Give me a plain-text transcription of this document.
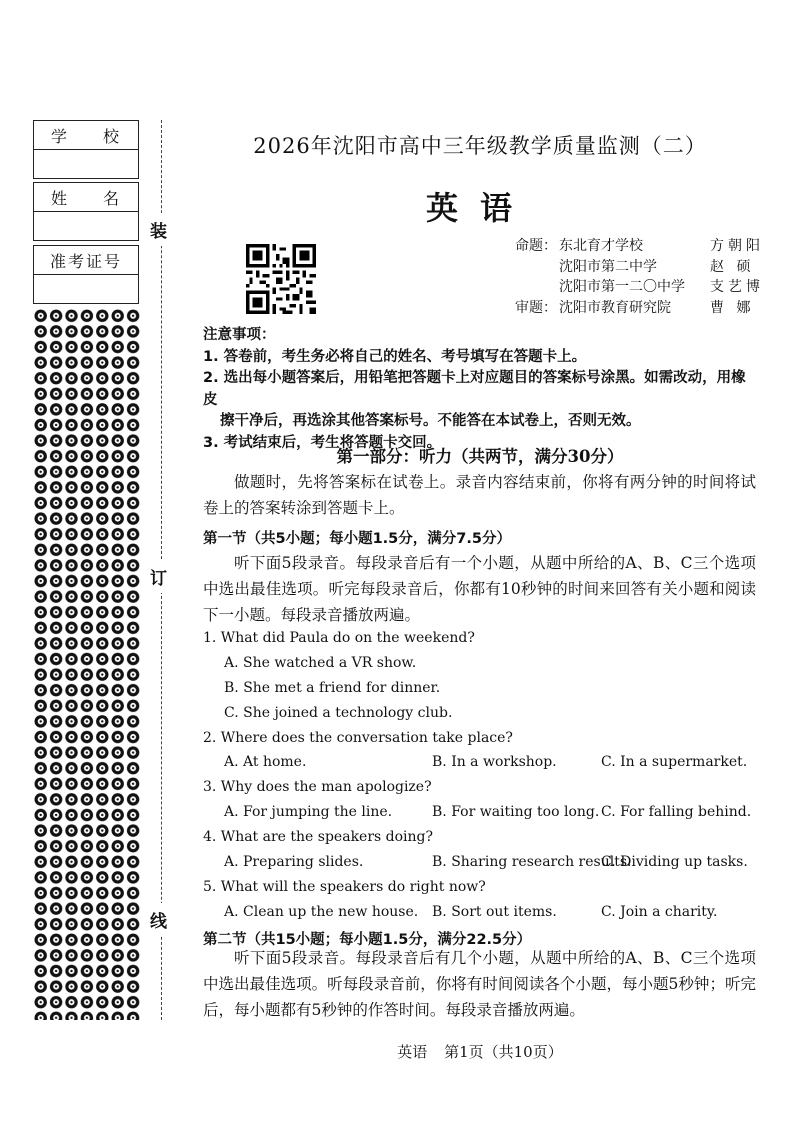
学 校
姓 名
准考证号
装
订
线
2026年沈阳市高中三年级教学质量监测（二）
英语
命题： 东北育才学校	方朝阳
沈阳市第二中学	赵 硕
沈阳市第一二〇中学 支艺博
审题： 沈阳市教育研究院	曹 娜
注意事项：
1. 答卷前，考生务必将自己的姓名、考号填写在答题卡上。
2. 选出每小题答案后，用铅笔把答题卡上对应题目的答案标号涂黑。如需改动，用橡皮
擦干净后，再选涂其他答案标号。不能答在本试卷上，否则无效。
3. 考试结束后，考生将答题卡交回。
第一部分：听力（共两节，满分30分）
做题时，先将答案标在试卷上。录音内容结束前，你将有两分钟的时间将试卷上的答案转涂到答题卡上。
第一节（共5小题；每小题1.5分，满分7.5分）
听下面5段录音。每段录音后有一个小题，从题中所给的A、B、C三个选项中选出最佳选项。听完每段录音后，你都有10秒钟的时间来回答有关小题和阅读下一小题。每段录音播放两遍。
1. What did Paula do on the weekend?
A. She watched a VR show.
B. She met a friend for dinner.
C. She joined a technology club.
2. Where does the conversation take place?
A. At home.	B. In a workshop.	C. In a supermarket.
3. Why does the man apologize?
A. For jumping the line.	B. For waiting too long. C. For falling behind.
4. What are the speakers doing?
A. Preparing slides.	B. Sharing research results.
C. Dividing up tasks.
5. What will the speakers do right now?
A. Clean up the new house. B. Sort out items.	C. Join a charity.
第二节（共15小题；每小题1.5分，满分22.5分）
听下面5段录音。每段录音后有几个小题，从题中所给的A、B、C三个选项中选出最佳选项。听每段录音前，你将有时间阅读各个小题，每小题5秒钟；听完后，每小题都有5秒钟的作答时间。每段录音播放两遍。
英语 第1页（共10页）
